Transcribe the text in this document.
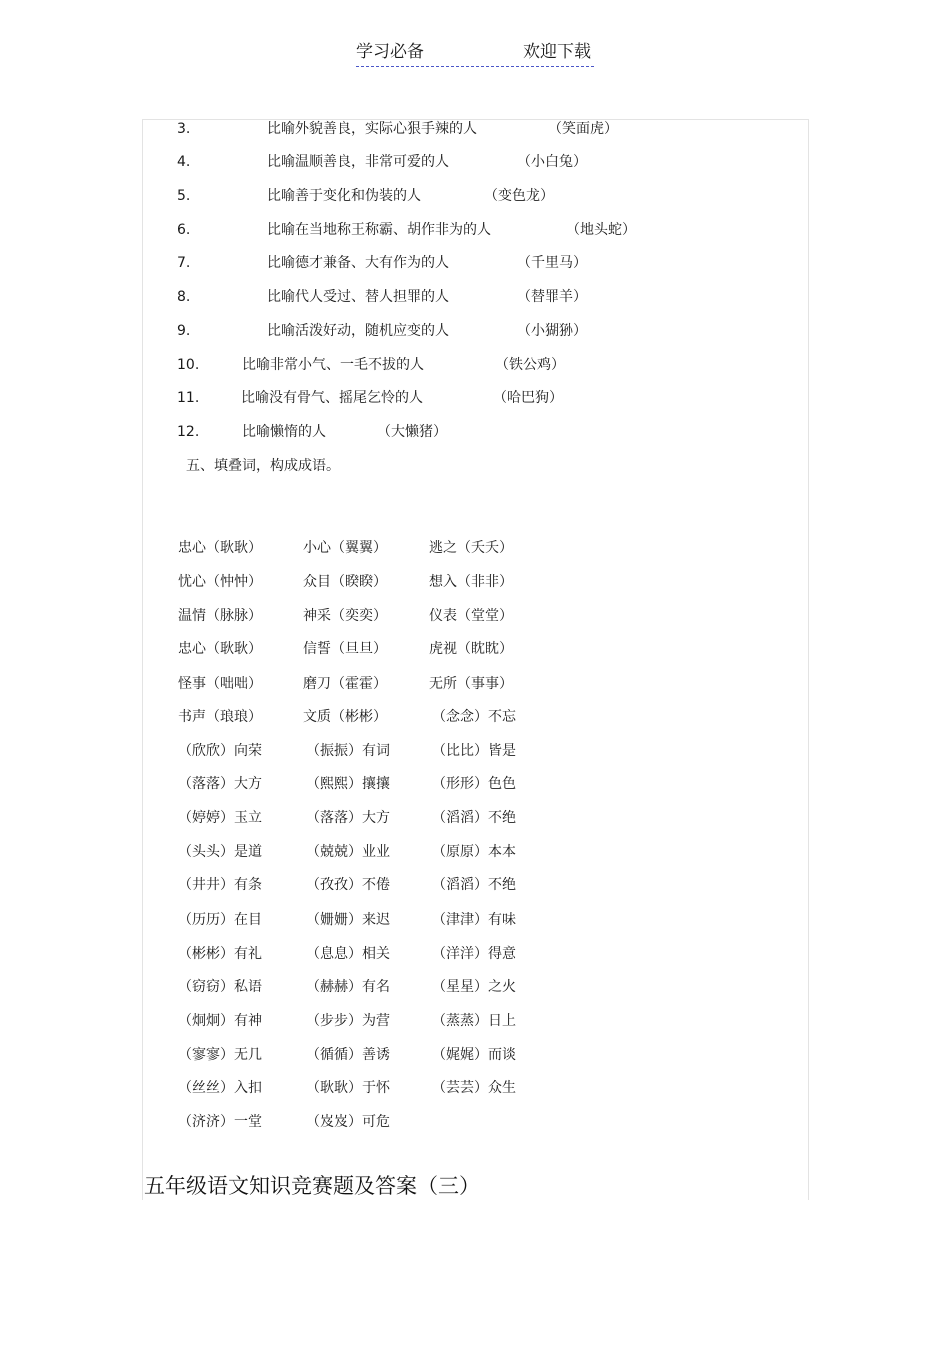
学习必备	欢迎下载
3.	比喻外貌善良，实际心狠手辣的人	（笑面虎）
4.	比喻温顺善良，非常可爱的人	（小白兔）
5.	比喻善于变化和伪装的人	（变色龙）
6.	比喻在当地称王称霸、胡作非为的人	（地头蛇）
7.	比喻德才兼备、大有作为的人	（千里马）
8.	比喻代人受过、替人担罪的人	（替罪羊）
9.	比喻活泼好动，随机应变的人	（小猢狲）
10.	比喻非常小气、一毛不拔的人	（铁公鸡）
11.	比喻没有骨气、摇尾乞怜的人	（哈巴狗）
12.	比喻懒惰的人	（大懒猪）
五、填叠词，构成成语。
忠心（耿耿）	小心（翼翼）	逃之（夭夭）
忧心（忡忡）	众目（睽睽）	想入（非非）
温情（脉脉）	神采（奕奕）	仪表（堂堂）
忠心（耿耿）	信誓（旦旦）	虎视（眈眈）
怪事（咄咄）	磨刀（霍霍）	无所（事事）
书声（琅琅）	文质（彬彬）	（念念）不忘
（欣欣）向荣	（振振）有词	（比比）皆是
（落落）大方	（熙熙）攘攘	（形形）色色
（婷婷）玉立	（落落）大方	（滔滔）不绝
（头头）是道	（兢兢）业业	（原原）本本
（井井）有条	（孜孜）不倦	（滔滔）不绝
（历历）在目	（姗姗）来迟	（津津）有味
（彬彬）有礼	（息息）相关	（洋洋）得意
（窃窃）私语	（赫赫）有名	（星星）之火
（炯炯）有神	（步步）为营	（蒸蒸）日上
（寥寥）无几	（循循）善诱	（娓娓）而谈
（丝丝）入扣	（耿耿）于怀	（芸芸）众生
（济济）一堂	（岌岌）可危
五年级语文知识竞赛题及答案（三）
